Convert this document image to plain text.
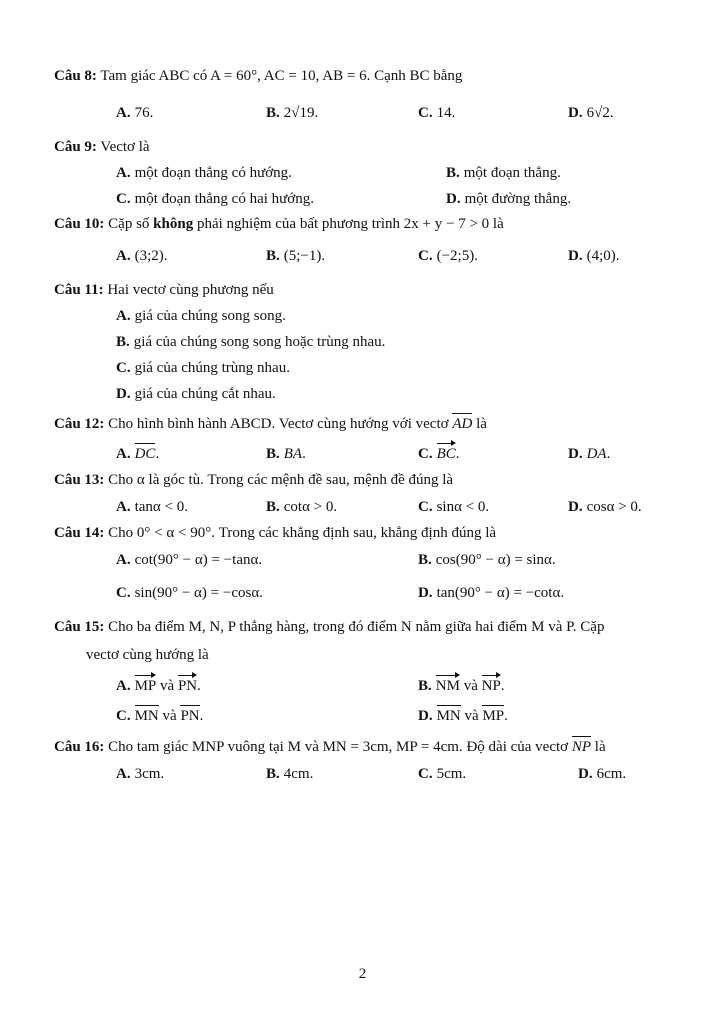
Câu 8: Tam giác ABC có A = 60°, AC = 10, AB = 6. Cạnh BC bằng
A. 76.	B. 2√19.	C. 14.	D. 6√2.
Câu 9: Vectơ là
A. một đoạn thẳng có hướng.	B. một đoạn thẳng.
C. một đoạn thẳng có hai hướng.	D. một đường thẳng.
Câu 10: Cặp số không phải nghiệm của bất phương trình 2x + y − 7 > 0 là
A. (3;2).	B. (5;−1).	C. (−2;5).	D. (4;0).
Câu 11: Hai vectơ cùng phương nếu
A. giá của chúng song song.
B. giá của chúng song song hoặc trùng nhau.
C. giá của chúng trùng nhau.
D. giá của chúng cắt nhau.
Câu 12: Cho hình bình hành ABCD. Vectơ cùng hướng với vectơ AD là
A. DC.	B. BA.	C. BC.	D. DA.
Câu 13: Cho α là góc tù. Trong các mệnh đề sau, mệnh đề đúng là
A. tanα < 0.	B. cotα > 0.	C. sinα < 0.	D. cosα > 0.
Câu 14: Cho 0° < α < 90°. Trong các khẳng định sau, khẳng định đúng là
A. cot(90° − α) = −tanα.	B. cos(90° − α) = sinα.
C. sin(90° − α) = −cosα.	D. tan(90° − α) = −cotα.
Câu 15: Cho ba điểm M, N, P thẳng hàng, trong đó điểm N nằm giữa hai điểm M và P. Cặp
vectơ cùng hướng là
A. MP và PN.	B. NM và NP.
C. MN và PN.	D. MN và MP.
Câu 16: Cho tam giác MNP vuông tại M và MN = 3cm, MP = 4cm. Độ dài của vectơ NP là
A. 3cm.	B. 4cm.	C. 5cm.	D. 6cm.
2
